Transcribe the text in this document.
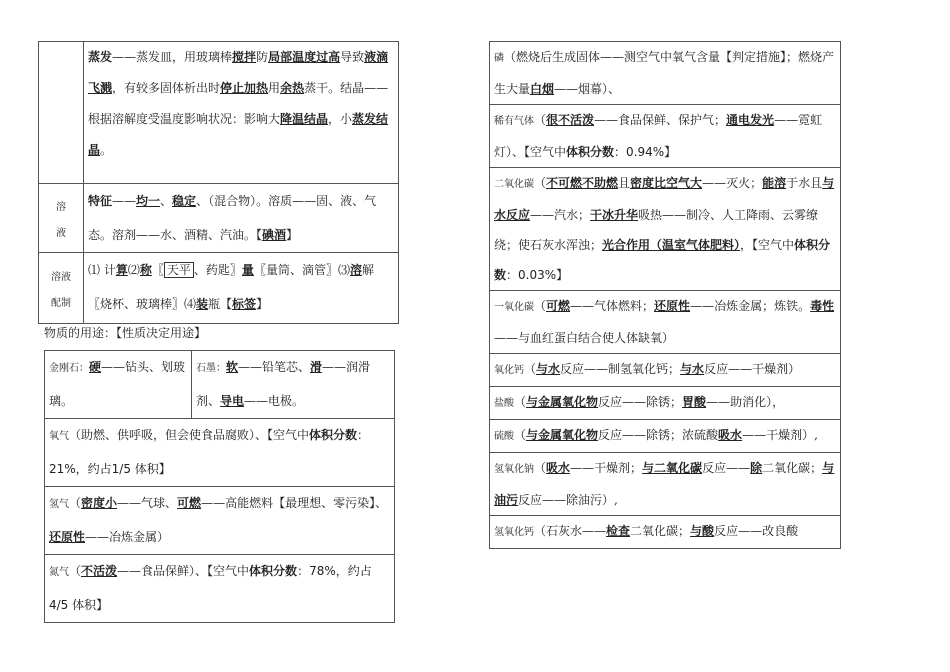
	蒸发——蒸发皿，用玻璃棒搅拌防局部温度过高导致液滴飞溅，有较多固体析出时停止加热用余热蒸干。结晶——根据溶解度受温度影响状况：影响大降温结晶，小蒸发结晶。
溶

液	特征——均一、稳定、（混合物）。溶质——固、液、气态。溶剂——水、酒精、汽油。【碘酒】
溶液

配制	⑴ 计算⑵称〖 天平 、药匙〗量〖量筒、滴管〗⑶溶解〖烧杯、玻璃棒〗⑷装瓶【标签】
物质的用途：【性质决定用途】
金刚石：硬——钻头、划玻璃。	石墨：软——铅笔芯、滑——润滑剂、导电——电极。
氧气（助燃、供呼吸，但会使食品腐败）、【空气中体积分数：21%，约占1/5 体积】
氢气（密度小——气球、可燃——高能燃料【最理想、零污染】、还原性——冶炼金属）
氮气（不活泼——食品保鲜）、【空气中体积分数：78%，约占4/5 体积】
磷（燃烧后生成固体——测空气中氧气含量【判定措施】；燃烧产生大量白烟——烟幕）、
稀有气体（很不活泼——食品保鲜、保护气；通电发光——霓虹灯）、【空气中体积分数：0.94%】
二氧化碳（不可燃不助燃且密度比空气大——灭火；能溶于水且与水反应——汽水；干冰升华吸热——制冷、人工降雨、云雾缭绕；使石灰水浑浊；光合作用（温室气体肥料），【空气中体积分数：0.03%】
一氧化碳（可燃——气体燃料；还原性——冶炼金属；炼铁。毒性——与血红蛋白结合使人体缺氧）
氧化钙（与水反应——制氢氧化钙；与水反应——干燥剂）
盐酸（与金属氧化物反应——除锈；胃酸——助消化），
硫酸（与金属氧化物反应——除锈；浓硫酸吸水——干燥剂）,
氢氧化钠（吸水——干燥剂；与二氧化碳反应——除二氧化碳；与油污反应——除油污）,
氢氧化钙（石灰水——检查二氧化碳；与酸反应——改良酸
